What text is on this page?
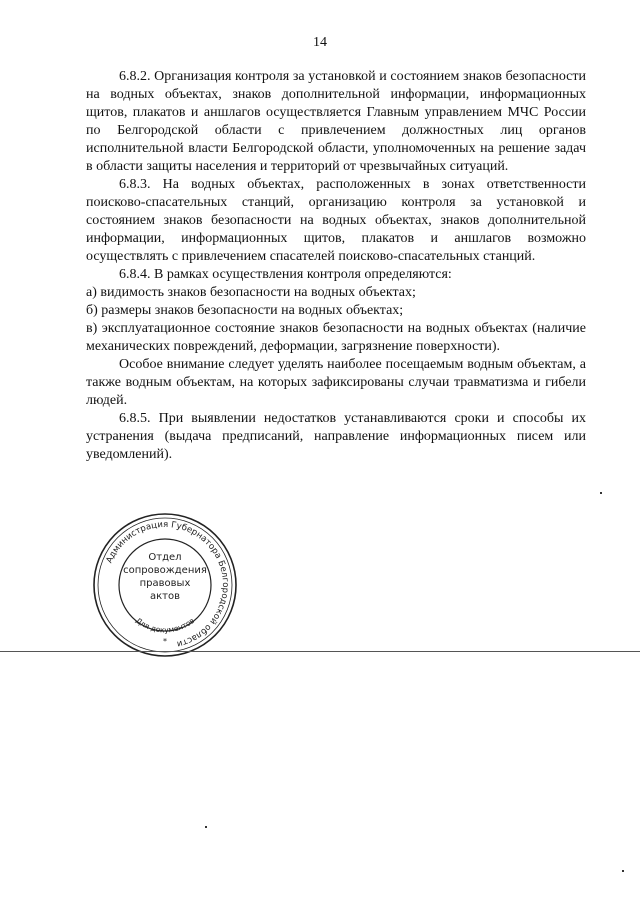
14

6.8.2. Организация контроля за установкой и состоянием знаков безопасности на водных объектах, знаков дополнительной информации, информационных щитов, плакатов и аншлагов осуществляется Главным управлением МЧС России по Белгородской области с привлечением должностных лиц органов исполнительной власти Белгородской области, уполномоченных на решение задач в области защиты населения и территорий от чрезвычайных ситуаций.

6.8.3. На водных объектах, расположенных в зонах ответственности поисково-спасательных станций, организацию контроля за установкой и состоянием знаков безопасности на водных объектах, знаков дополнительной информации, информационных щитов, плакатов и аншлагов возможно осуществлять с привлечением спасателей поисково-спасательных станций.

6.8.4. В рамках осуществления контроля определяются:

а) видимость знаков безопасности на водных объектах;

б) размеры знаков безопасности на водных объектах;

в) эксплуатационное состояние знаков безопасности на водных объектах (наличие механических повреждений, деформации, загрязнение поверхности).

Особое внимание следует уделять наиболее посещаемым водным объектам, а также водным объектам, на которых зафиксированы случаи травматизма и гибели людей.

6.8.5. При выявлении недостатков устанавливаются сроки и способы их устранения (выдача предписаний, направление информационных писем или уведомлений).

Администрация Губернатора Белгородской области
Отдел
сопровождения
правовых
актов
Для документов
*
